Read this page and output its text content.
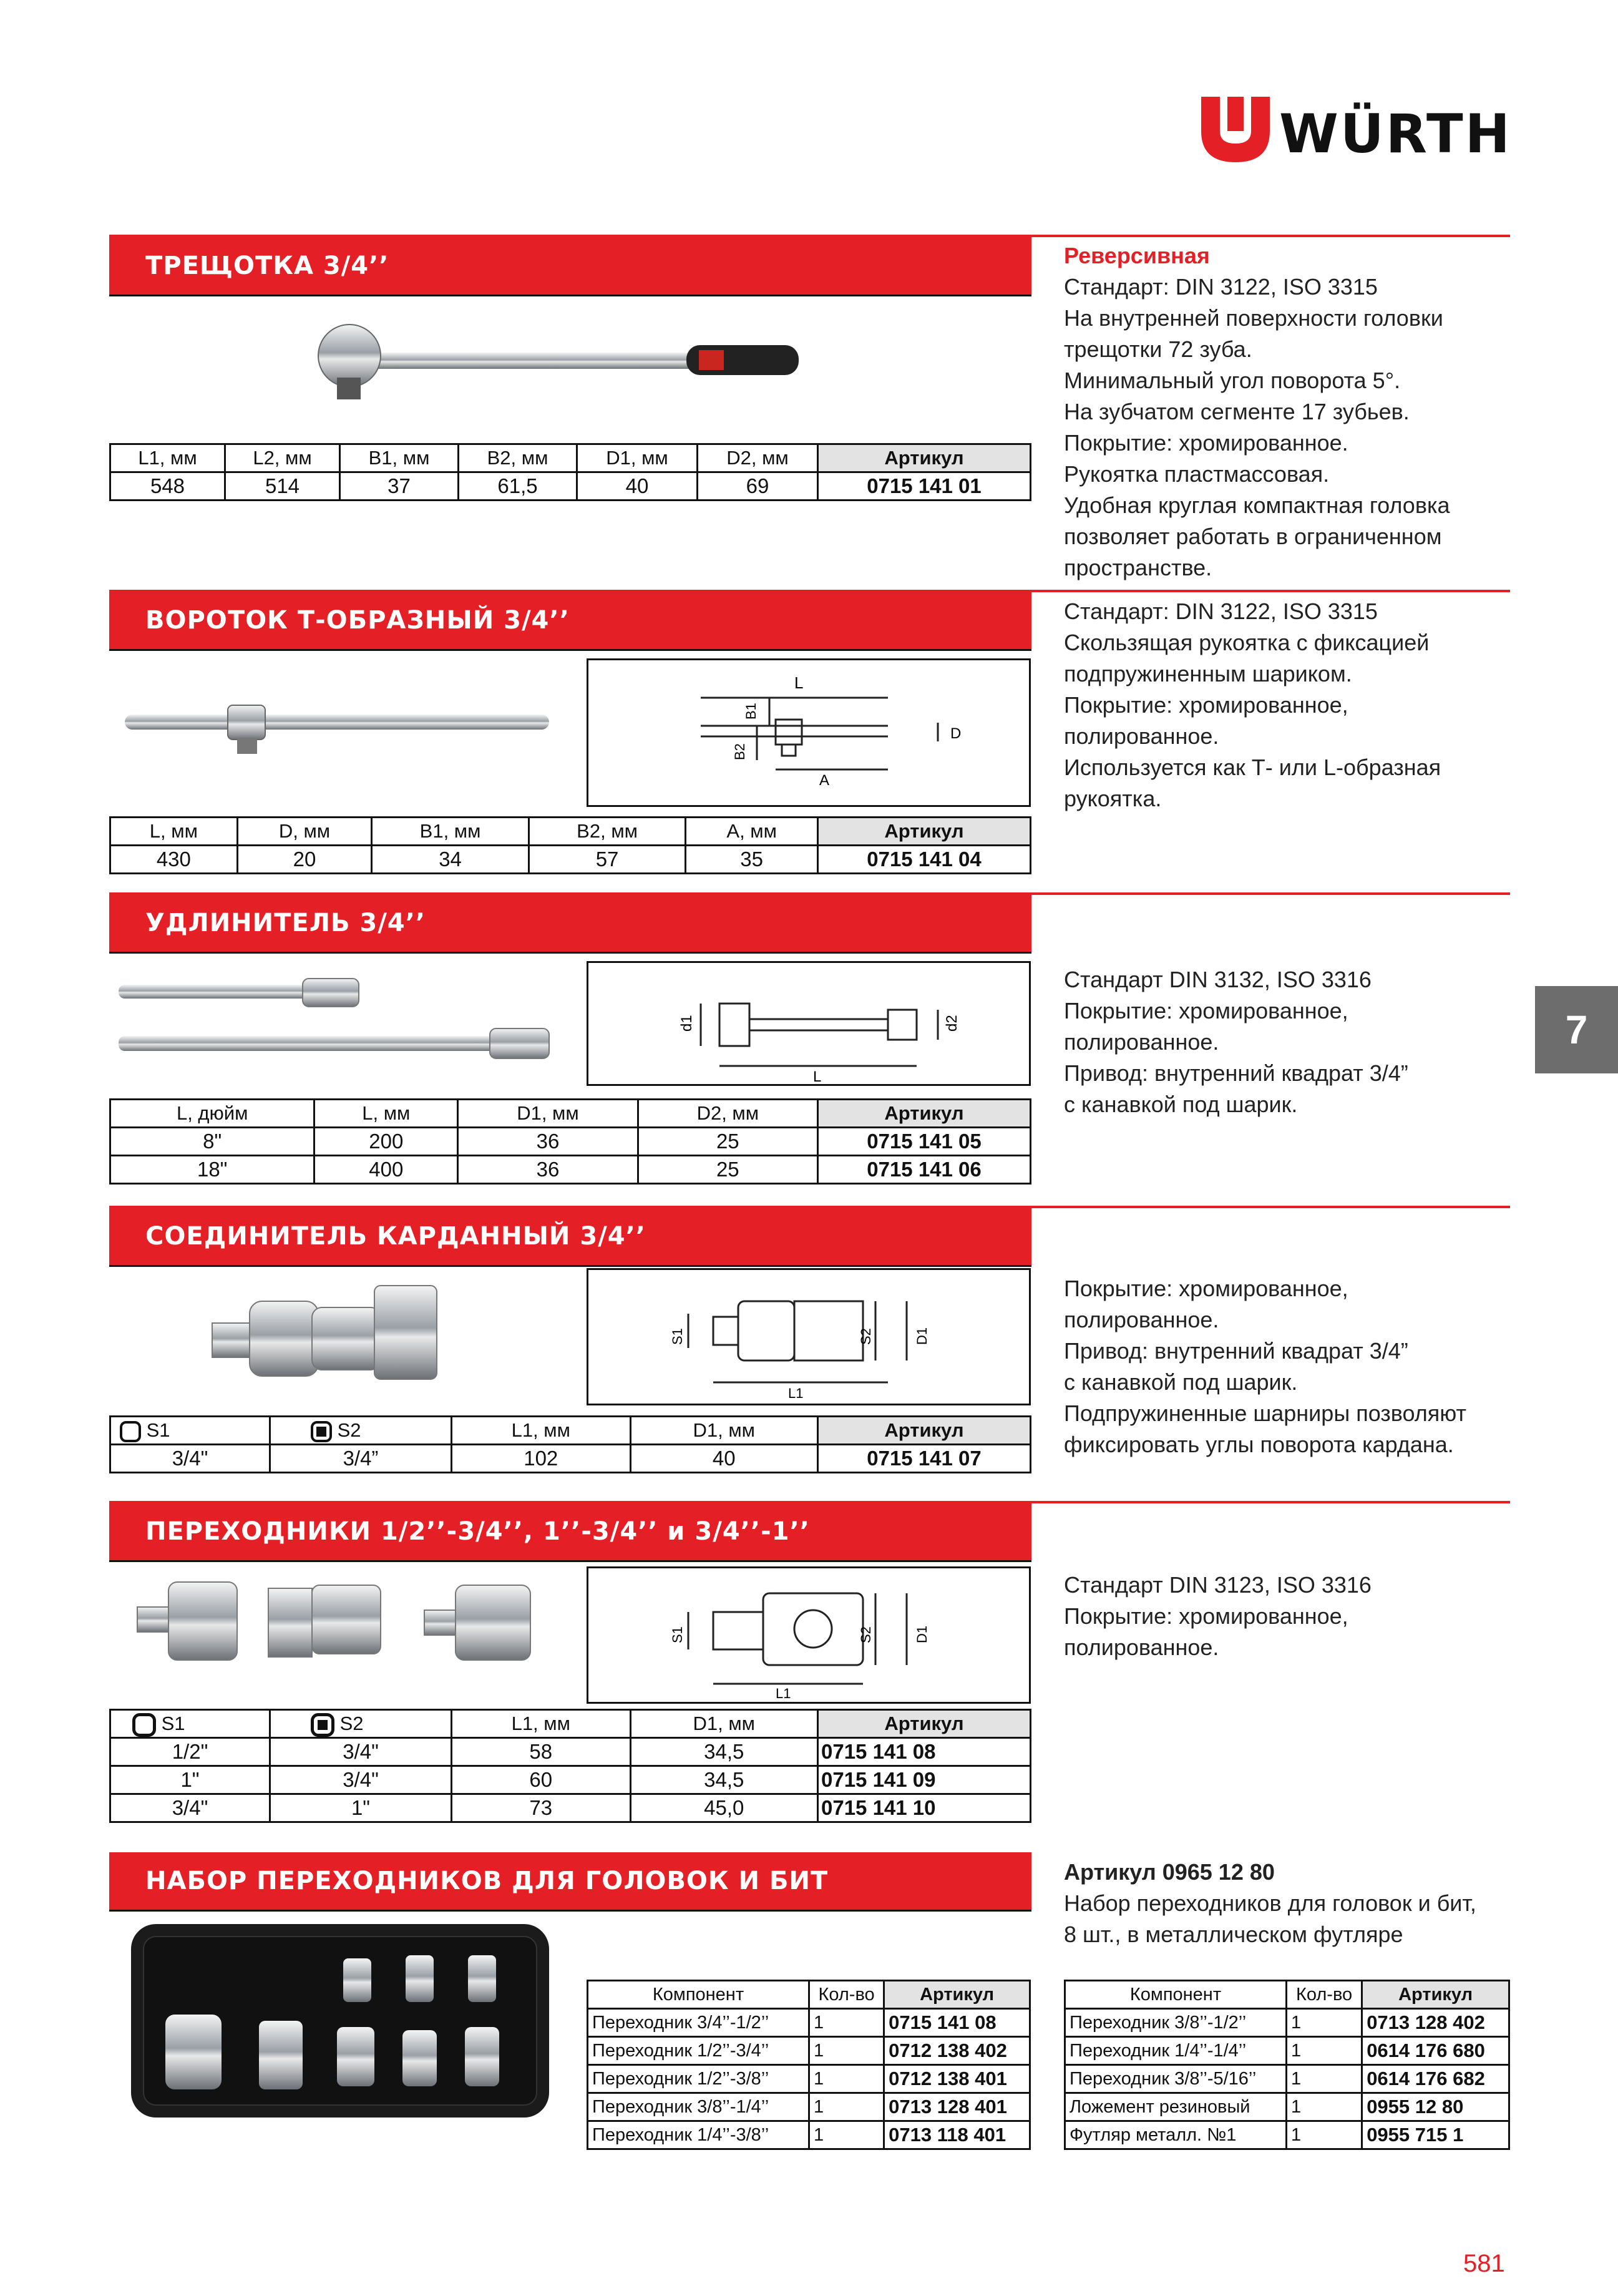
WÜRTH
ТРЕЩОТКА 3/4’’
L1, мм	L2, мм	B1, мм	B2, мм	D1, мм	D2, мм	Артикул
548	514	37	61,5	40	69	0715 141 01

Реверсивная

Стандарт: DIN 3122, ISO 3315

На внутренней поверхности головки

трещотки 72 зуба.

Минимальный угол поворота 5°.

На зубчатом сегменте 17 зубьев.

Покрытие: хромированное.

Рукоятка пластмассовая.

Удобная круглая компактная головка

позволяет работать в ограниченном

пространстве.

ВОРОТОК Т-ОБРАЗНЫЙ 3/4’’
L
B1
B2
D
A
L, мм	D, мм	B1, мм	B2, мм	A, мм	Артикул
430	20	34	57	35	0715 141 04

Стандарт: DIN 3122, ISO 3315

Скользящая рукоятка с фиксацией

подпружиненным шариком.

Покрытие: хромированное,

полированное.

Используется как Т- или L-образная

рукоятка.

УДЛИНИТЕЛЬ 3/4’’
d1	d2
L
L, дюйм	L, мм	D1, мм	D2, мм	Артикул
8"	200	36	25	0715 141 05
18"	400	36	25	0715 141 06

Стандарт DIN 3132, ISO 3316

Покрытие: хромированное,

полированное.

Привод: внутренний квадрат 3/4”

с канавкой под шарик.

СОЕДИНИТЕЛЬ КАРДАННЫЙ 3/4’’
S1	S2	D1
L1
S1	S2	L1, мм	D1, мм	Артикул
3/4"	3/4”	102	40	0715 141 07

Покрытие: хромированное,

полированное.

Привод: внутренний квадрат 3/4”

с канавкой под шарик.

Подпружиненные шарниры позволяют

фиксировать углы поворота кардана.

ПЕРЕХОДНИКИ 1/2’’-3/4’’, 1’’-3/4’’ и 3/4’’-1’’
S1	S2	D1
L1
S1	S2	L1, мм	D1, мм	Артикул
1/2"	3/4"	58	34,5	0715 141 08
1"	3/4"	60	34,5	0715 141 09
3/4"	1"	73	45,0	0715 141 10

Стандарт DIN 3123, ISO 3316

Покрытие: хромированное,

полированное.

НАБОР ПЕРЕХОДНИКОВ ДЛЯ ГОЛОВОК И БИТ
Компонент	Кол-во	Артикул
Переходник 3/4’’-1/2’’	1	0715 141 08
Переходник 1/2’’-3/4’’	1	0712 138 402
Переходник 1/2’’-3/8’’	1	0712 138 401
Переходник 3/8’’-1/4’’	1	0713 128 401
Переходник 1/4’’-3/8’’	1	0713 118 401

Артикул 0965 12 80

Набор переходников для головок и бит,

8 шт., в металлическом футляре

Компонент	Кол-во	Артикул
Переходник 3/8’’-1/2’’	1	0713 128 402
Переходник 1/4’’-1/4’’	1	0614 176 680
Переходник 3/8’’-5/16’’	1	0614 176 682
Ложемент резиновый	1	0955 12 80
Футляр металл. №1	1	0955 715 1
7
581
